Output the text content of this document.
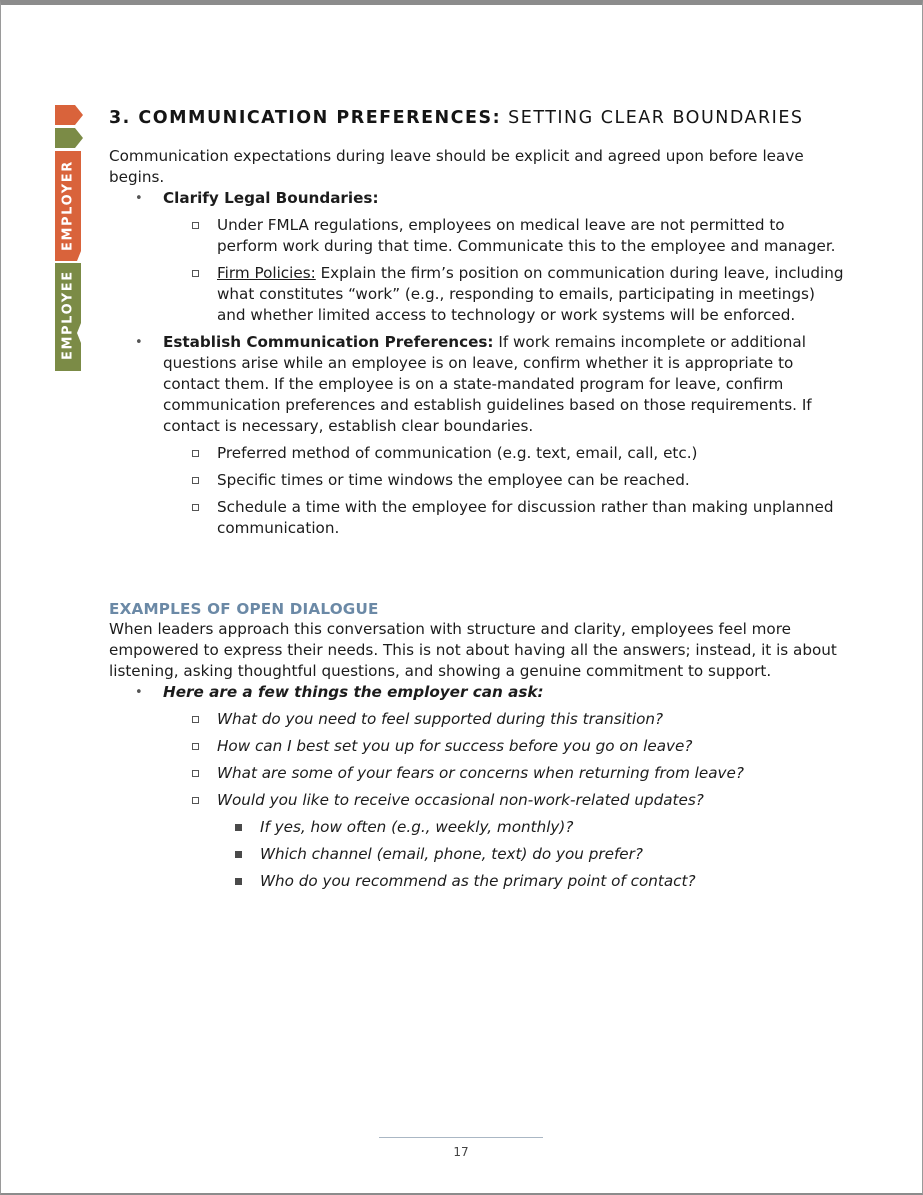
EMPLOYER
EMPLOYEE
3. COMMUNICATION PREFERENCES: SETTING CLEAR BOUNDARIES

Communication expectations during leave should be explicit and agreed upon before leave begins.

• Clarify Legal Boundaries:
Under FMLA regulations, employees on medical leave are not permitted to perform work during that time. Communicate this to the employee and manager.
Firm Policies: Explain the firm’s position on communication during leave, including what constitutes “work” (e.g., responding to emails, participating in meetings) and whether limited access to technology or work systems will be enforced.
• Establish Communication Preferences: If work remains incomplete or additional questions arise while an employee is on leave, confirm whether it is appropriate to contact them. If the employee is on a state-mandated program for leave, confirm communication preferences and establish guidelines based on those requirements. If contact is necessary, establish clear boundaries.
Preferred method of communication (e.g. text, email, call, etc.)
Specific times or time windows the employee can be reached.
Schedule a time with the employee for discussion rather than making unplanned communication.
EXAMPLES OF OPEN DIALOGUE

When leaders approach this conversation with structure and clarity, employees feel more empowered to express their needs. This is not about having all the answers; instead, it is about listening, asking thoughtful questions, and showing a genuine commitment to support.

• Here are a few things the employer can ask:
What do you need to feel supported during this transition?
How can I best set you up for success before you go on leave?
What are some of your fears or concerns when returning from leave?
Would you like to receive occasional non-work-related updates?
If yes, how often (e.g., weekly, monthly)?
Which channel (email, phone, text) do you prefer?
Who do you recommend as the primary point of contact?
17
